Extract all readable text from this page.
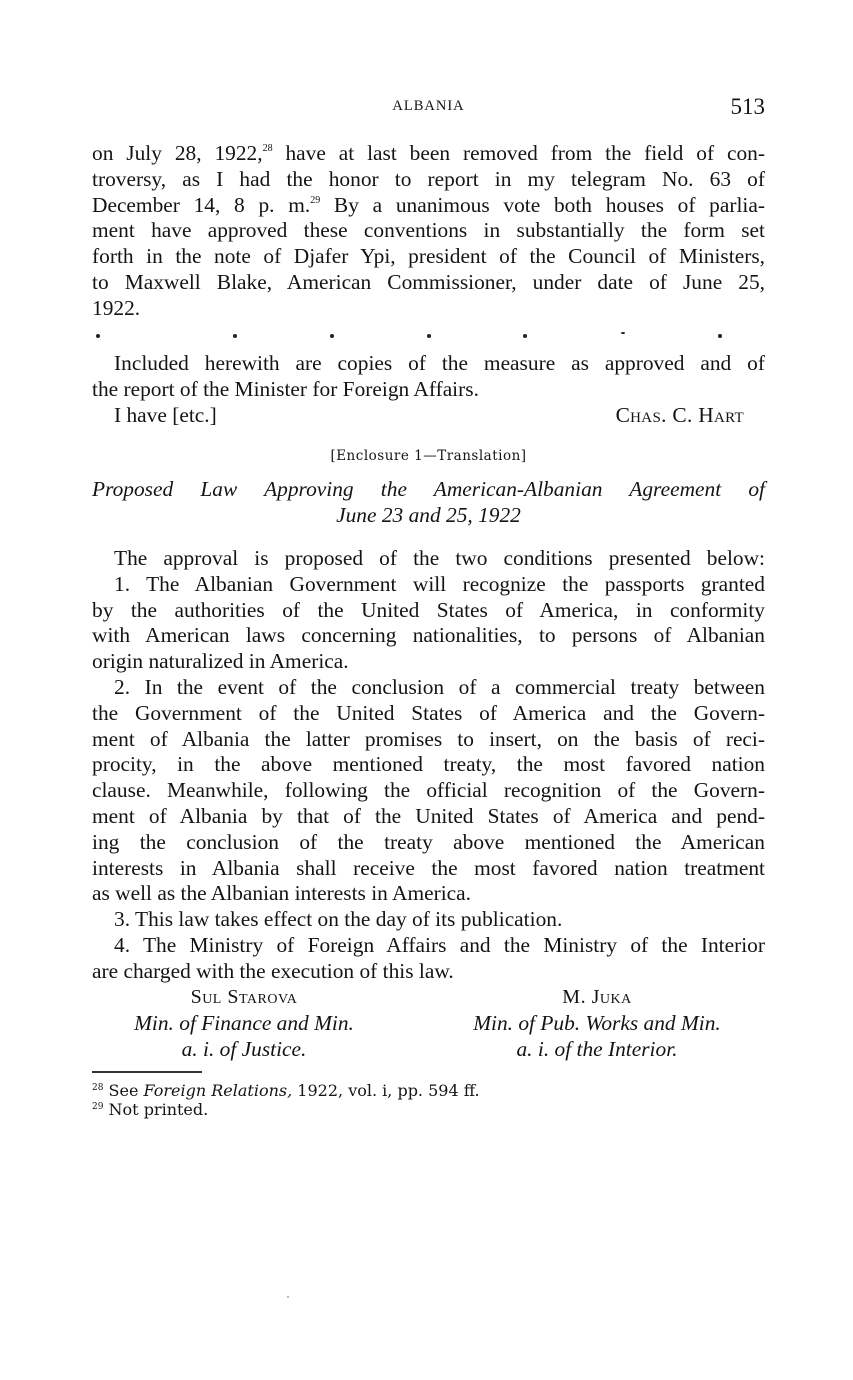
ALBANIA	513
on July 28, 1922,28 have at last been removed from the field of con-
troversy, as I had the honor to report in my telegram No. 63 of
December 14, 8 p. m.$^{29}$ By a unanimous vote both houses of parlia-
ment have approved these conventions in substantially the form set
forth in the note of Djafer Ypi, president of the Council of Ministers,
to Maxwell Blake, American Commissioner, under date of June 25,
1922.
Included herewith are copies of the measure as approved and of
the report of the Minister for Foreign Affairs.
I have [etc.]	Chas. C. Hart
[Enclosure 1—Translation]
Proposed Law Approving the American-Albanian Agreement of
June 23 and 25, 1922
The approval is proposed of the two conditions presented below:
1. The Albanian Government will recognize the passports granted
by the authorities of the United States of America, in conformity
with American laws concerning nationalities, to persons of Albanian
origin naturalized in America.
2. In the event of the conclusion of a commercial treaty between
the Government of the United States of America and the Govern-
ment of Albania the latter promises to insert, on the basis of reci-
procity, in the above mentioned treaty, the most favored nation
clause. Meanwhile, following the official recognition of the Govern-
ment of Albania by that of the United States of America and pend-
ing the conclusion of the treaty above mentioned the American
interests in Albania shall receive the most favored nation treatment
as well as the Albanian interests in America.
3. This law takes effect on the day of its publication.
4. The Ministry of Foreign Affairs and the Ministry of the Interior
are charged with the execution of this law.
Sul Starova
Min. of Finance and Min.
a. i. of Justice.
M. Juka
Min. of Pub. Works and Min.
a. i. of the Interior.
$^{28}$ See Foreign Relations, 1922, vol. i, pp. 594 ff.
$^{29}$ Not printed.
